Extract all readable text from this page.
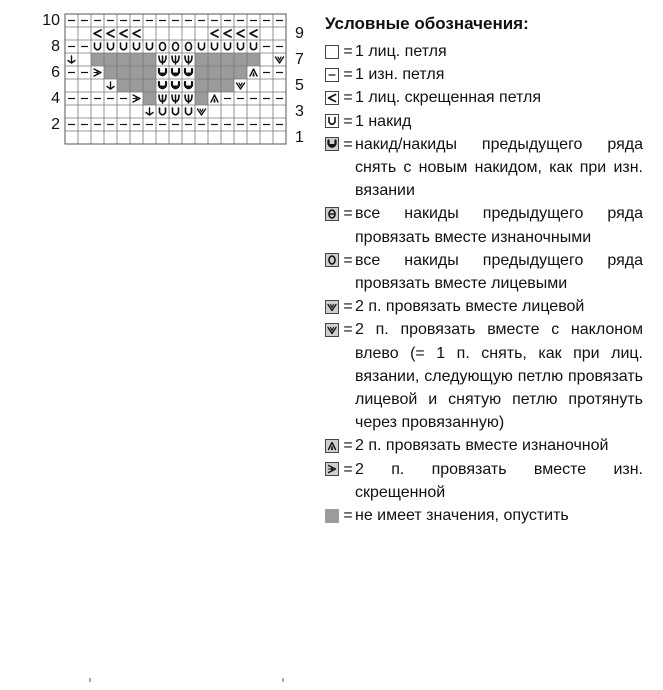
10
8
6
4
2
9
7
5
3
1
Условные обозначения:
= 1 лиц. петля
= 1 изн. петля
= 1 лиц. скрещенная петля
= 1 накид
= накид/накиды предыдущего ряда снять с новым накидом, как при изн. вязании
= все накиды предыдущего ряда провязать вместе изнаночными
= все накиды предыдущего ряда провязать вместе лицевыми
= 2 п. провязать вместе лицевой
= 2 п. провязать вместе с наклоном влево (= 1 п. снять, как при лиц. вязании, следующую петлю провязать лицевой и снятую петлю протянуть через провязанную)
= 2 п. провязать вместе изнаночной
= 2 п. провязать вместе изн. скрещенной
= не имеет значения, опустить
